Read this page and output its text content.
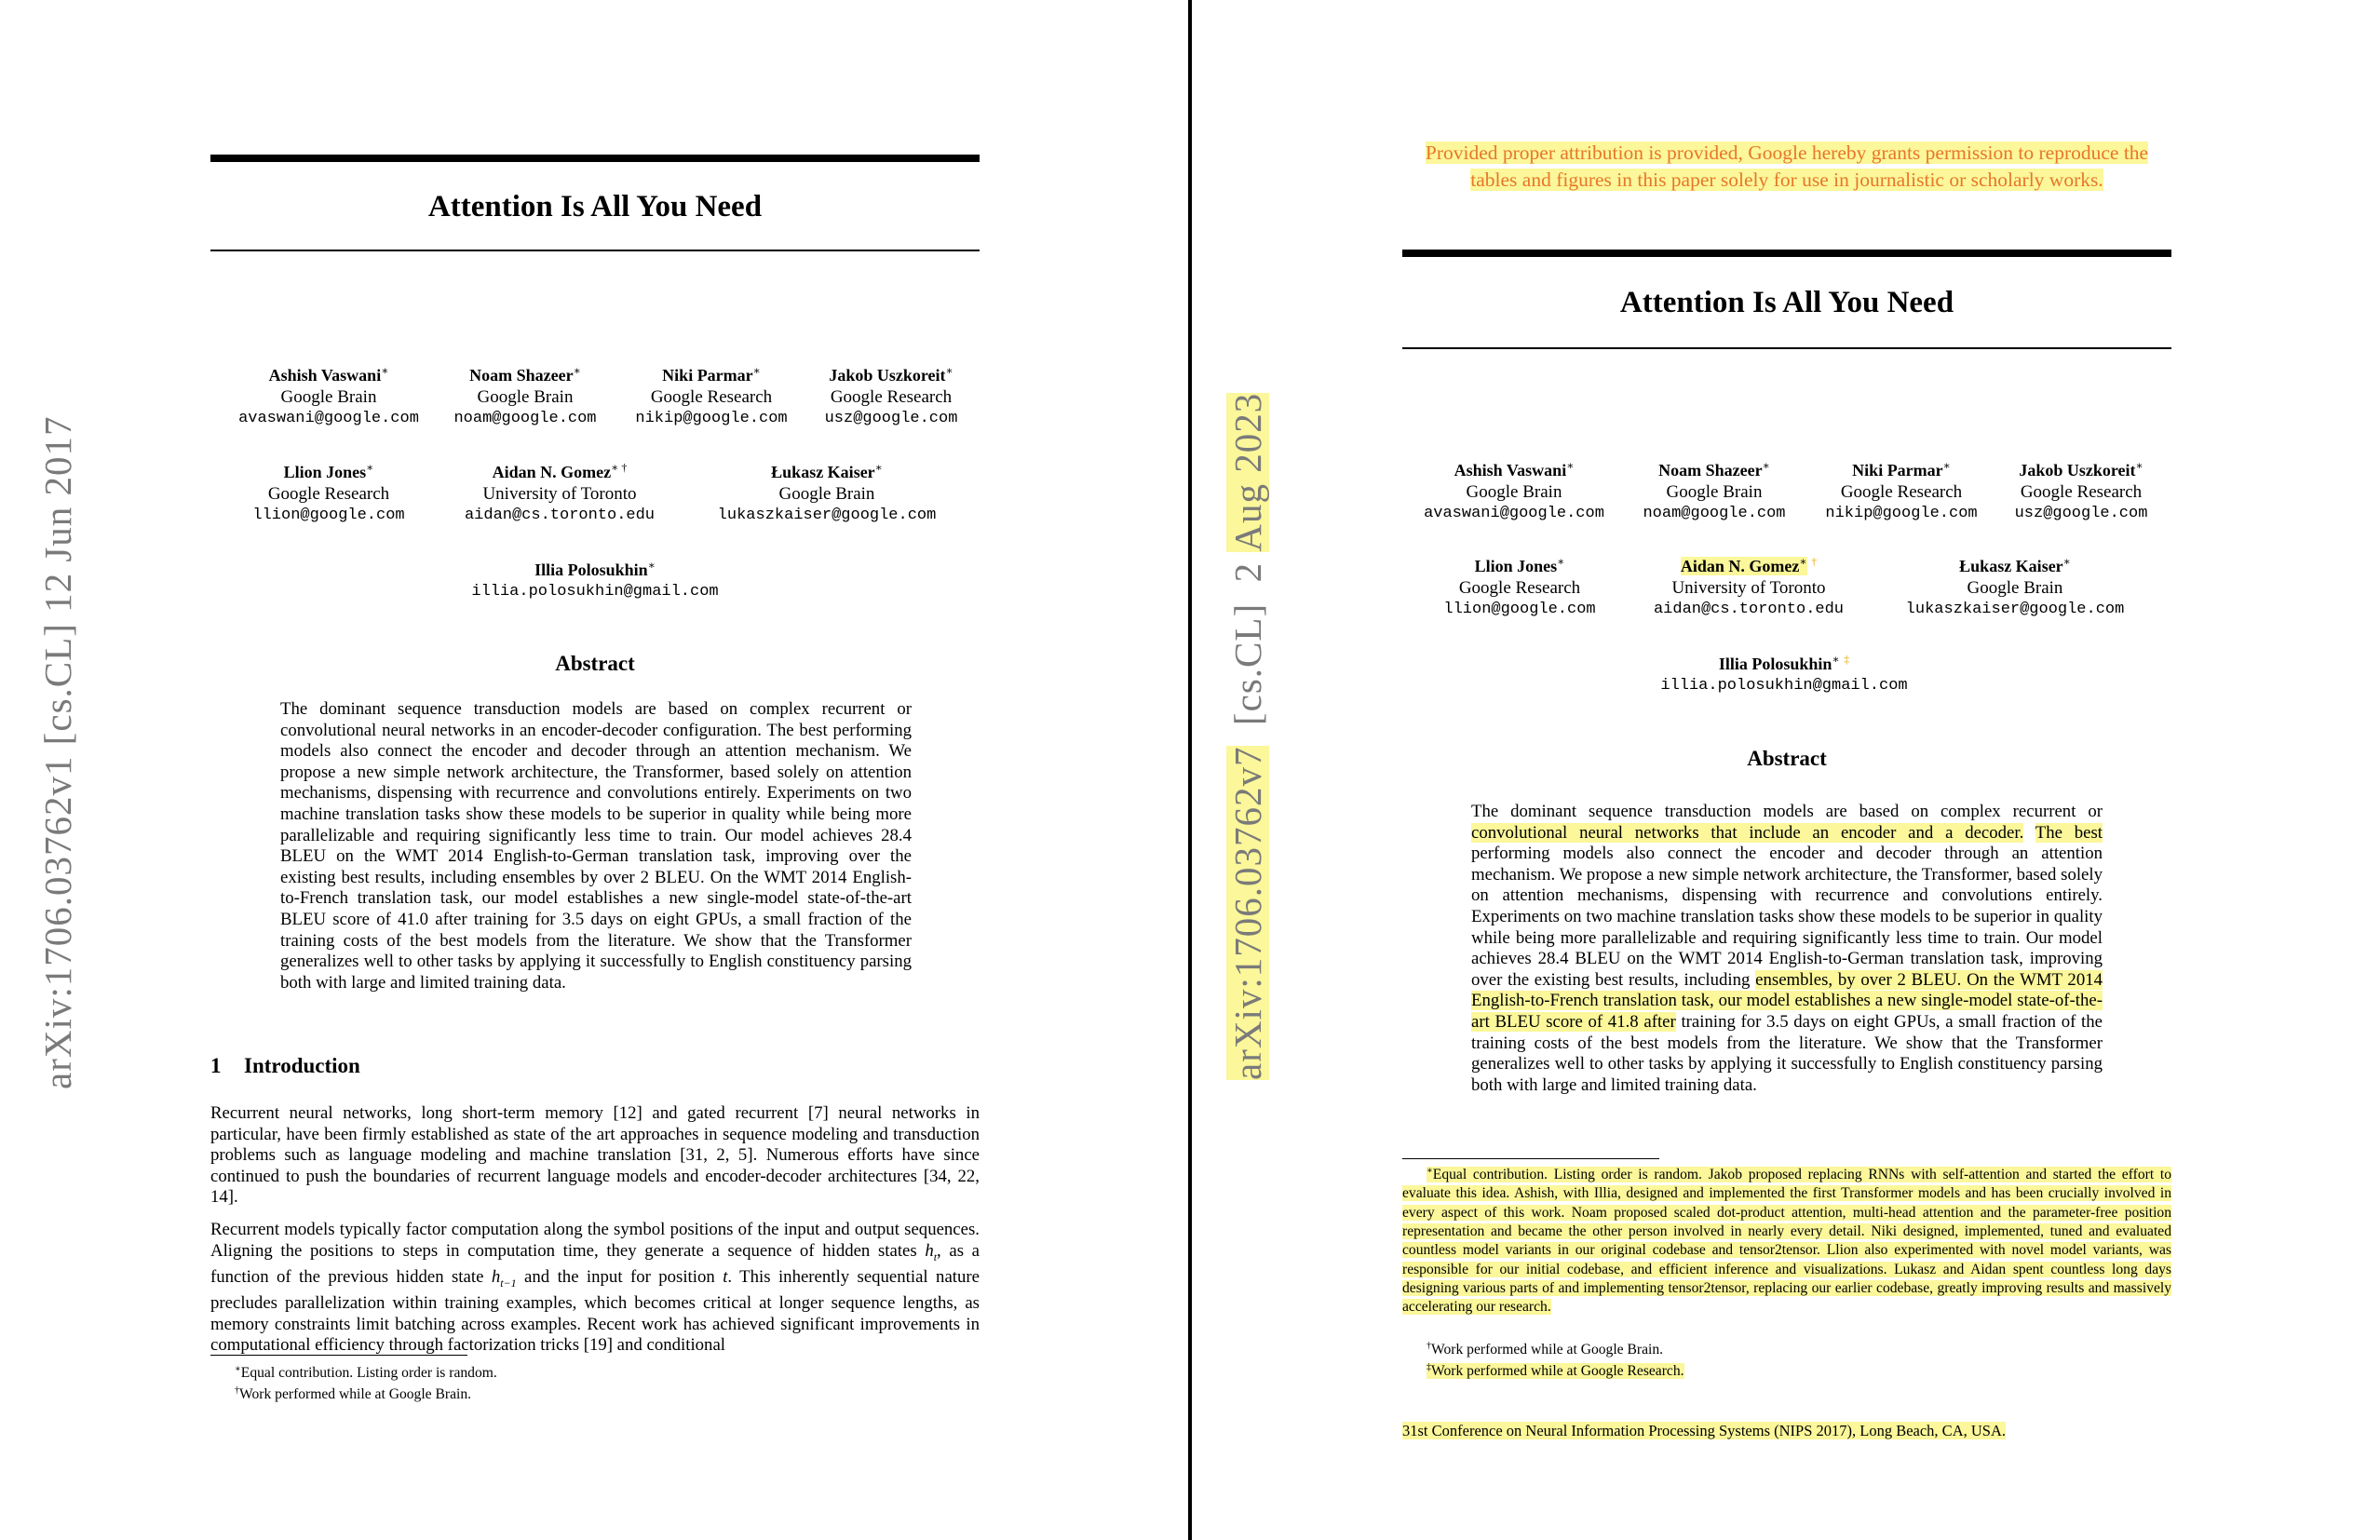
arXiv:1706.03762v1 [cs.CL] 12 Jun 2017
Attention Is All You Need
Ashish Vaswani∗
Google Brain
avaswani@google.com
Noam Shazeer∗
Google Brain
noam@google.com
Niki Parmar∗
Google Research
nikip@google.com
Jakob Uszkoreit∗
Google Research
usz@google.com
Llion Jones∗
Google Research
llion@google.com
Aidan N. Gomez∗ †
University of Toronto
aidan@cs.toronto.edu
Łukasz Kaiser∗
Google Brain
lukaszkaiser@google.com
Illia Polosukhin∗
illia.polosukhin@gmail.com
Abstract
The dominant sequence transduction models are based on complex recurrent or convolutional neural networks in an encoder-decoder configuration. The best performing models also connect the encoder and decoder through an attention mechanism. We propose a new simple network architecture, the Transformer, based solely on attention mechanisms, dispensing with recurrence and convolutions entirely. Experiments on two machine translation tasks show these models to be superior in quality while being more parallelizable and requiring significantly less time to train. Our model achieves 28.4 BLEU on the WMT 2014 English-to-German translation task, improving over the existing best results, including ensembles by over 2 BLEU. On the WMT 2014 English-to-French translation task, our model establishes a new single-model state-of-the-art BLEU score of 41.0 after training for 3.5 days on eight GPUs, a small fraction of the training costs of the best models from the literature. We show that the Transformer generalizes well to other tasks by applying it successfully to English constituency parsing both with large and limited training data.
1 Introduction

Recurrent neural networks, long short-term memory [12] and gated recurrent [7] neural networks in particular, have been firmly established as state of the art approaches in sequence modeling and transduction problems such as language modeling and machine translation [31, 2, 5]. Numerous efforts have since continued to push the boundaries of recurrent language models and encoder-decoder architectures [34, 22, 14].

Recurrent models typically factor computation along the symbol positions of the input and output sequences. Aligning the positions to steps in computation time, they generate a sequence of hidden states $h_t$, as a function of the previous hidden state $h_{t-1}$ and the input for position t. This inherently sequential nature precludes parallelization within training examples, which becomes critical at longer sequence lengths, as memory constraints limit batching across examples. Recent work has achieved significant improvements in computational efficiency through factorization tricks [19] and conditional

∗Equal contribution. Listing order is random.
†Work performed while at Google Brain.
arXiv:1706.03762v7  [cs.CL]  2 Aug 2023
Provided proper attribution is provided, Google hereby grants permission to reproduce the tables and figures in this paper solely for use in journalistic or scholarly works.
Attention Is All You Need
Ashish Vaswani∗
Google Brain
avaswani@google.com
Noam Shazeer∗
Google Brain
noam@google.com
Niki Parmar∗
Google Research
nikip@google.com
Jakob Uszkoreit∗
Google Research
usz@google.com
Llion Jones∗
Google Research
llion@google.com
Aidan N. Gomez∗ †
University of Toronto
aidan@cs.toronto.edu
Łukasz Kaiser∗
Google Brain
lukaszkaiser@google.com
Illia Polosukhin∗ ‡
illia.polosukhin@gmail.com
Abstract
The dominant sequence transduction models are based on complex recurrent or convolutional neural networks that include an encoder and a decoder. The best performing models also connect the encoder and decoder through an attention mechanism. We propose a new simple network architecture, the Transformer, based solely on attention mechanisms, dispensing with recurrence and convolutions entirely. Experiments on two machine translation tasks show these models to be superior in quality while being more parallelizable and requiring significantly less time to train. Our model achieves 28.4 BLEU on the WMT 2014 English-to-German translation task, improving over the existing best results, including ensembles, by over 2 BLEU. On the WMT 2014 English-to-French translation task, our model establishes a new single-model state-of-the-art BLEU score of 41.8 after training for 3.5 days on eight GPUs, a small fraction of the training costs of the best models from the literature. We show that the Transformer generalizes well to other tasks by applying it successfully to English constituency parsing both with large and limited training data.
∗Equal contribution. Listing order is random. Jakob proposed replacing RNNs with self-attention and started the effort to evaluate this idea. Ashish, with Illia, designed and implemented the first Transformer models and has been crucially involved in every aspect of this work. Noam proposed scaled dot-product attention, multi-head attention and the parameter-free position representation and became the other person involved in nearly every detail. Niki designed, implemented, tuned and evaluated countless model variants in our original codebase and tensor2tensor. Llion also experimented with novel model variants, was responsible for our initial codebase, and efficient inference and visualizations. Lukasz and Aidan spent countless long days designing various parts of and implementing tensor2tensor, replacing our earlier codebase, greatly improving results and massively accelerating our research.
†Work performed while at Google Brain.
‡Work performed while at Google Research.
31st Conference on Neural Information Processing Systems (NIPS 2017), Long Beach, CA, USA.
